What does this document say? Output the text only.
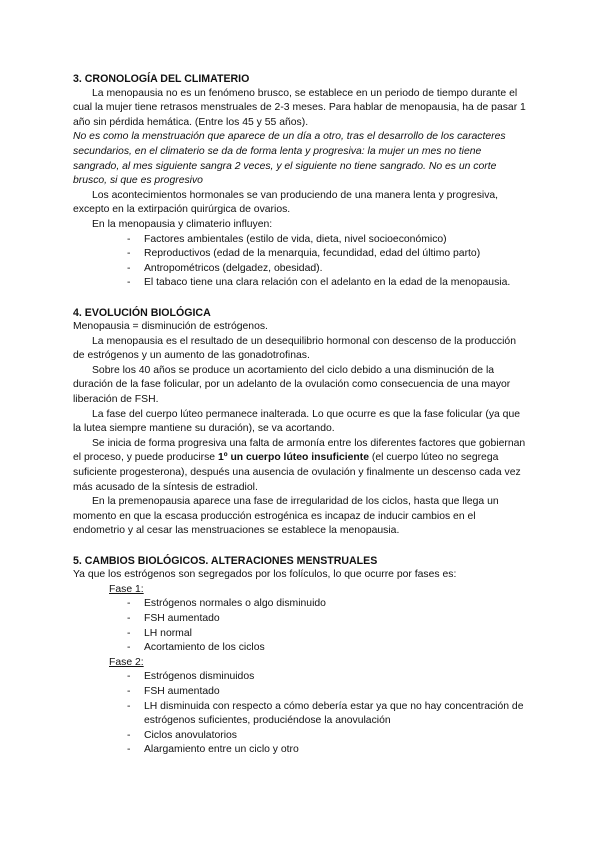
3. CRONOLOGÍA DEL CLIMATERIO

La menopausia no es un fenómeno brusco, se establece en un periodo de tiempo durante el cual la mujer tiene retrasos menstruales de 2-3 meses. Para hablar de menopausia, ha de pasar 1 año sin pérdida hemática. (Entre los 45 y 55 años).

No es como la menstruación que aparece de un día a otro, tras el desarrollo de los caracteres secundarios, en el climaterio se da de forma lenta y progresiva: la mujer un mes no tiene sangrado, al mes siguiente sangra 2 veces, y el siguiente no tiene sangrado. No es un corte brusco, si que es progresivo

Los acontecimientos hormonales se van produciendo de una manera lenta y progresiva, excepto en la extirpación quirúrgica de ovarios.

En la menopausia y climaterio influyen:

- Factores ambientales (estilo de vida, dieta, nivel socioeconómico)
- Reproductivos (edad de la menarquia, fecundidad, edad del último parto)
- Antropométricos (delgadez, obesidad).
- El tabaco tiene una clara relación con el adelanto en la edad de la menopausia.
4. EVOLUCIÓN BIOLÓGICA

Menopausia = disminución de estrógenos.

La menopausia es el resultado de un desequilibrio hormonal con descenso de la producción de estrógenos y un aumento de las gonadotrofinas.

Sobre los 40 años se produce un acortamiento del ciclo debido a una disminución de la duración de la fase folicular, por un adelanto de la ovulación como consecuencia de una mayor liberación de FSH.

La fase del cuerpo lúteo permanece inalterada. Lo que ocurre es que la fase folicular (ya que la lutea siempre mantiene su duración), se va acortando.

Se inicia de forma progresiva una falta de armonía entre los diferentes factores que gobiernan el proceso, y puede producirse 1º un cuerpo lúteo insuficiente (el cuerpo lúteo no segrega suficiente progesterona), después una ausencia de ovulación y finalmente un descenso cada vez más acusado de la síntesis de estradiol.

En la premenopausia aparece una fase de irregularidad de los ciclos, hasta que llega un momento en que la escasa producción estrogénica es incapaz de inducir cambios en el endometrio y al cesar las menstruaciones se establece la menopausia.

5. CAMBIOS BIOLÓGICOS. ALTERACIONES MENSTRUALES

Ya que los estrógenos son segregados por los folículos, lo que ocurre por fases es:

Fase 1:

- Estrógenos normales o algo disminuido
- FSH aumentado
- LH normal
- Acortamiento de los ciclos

Fase 2:

- Estrógenos disminuidos
- FSH aumentado
- LH disminuida con respecto a cómo debería estar ya que no hay concentración de estrógenos suficientes, produciéndose la anovulación
- Ciclos anovulatorios
- Alargamiento entre un ciclo y otro
